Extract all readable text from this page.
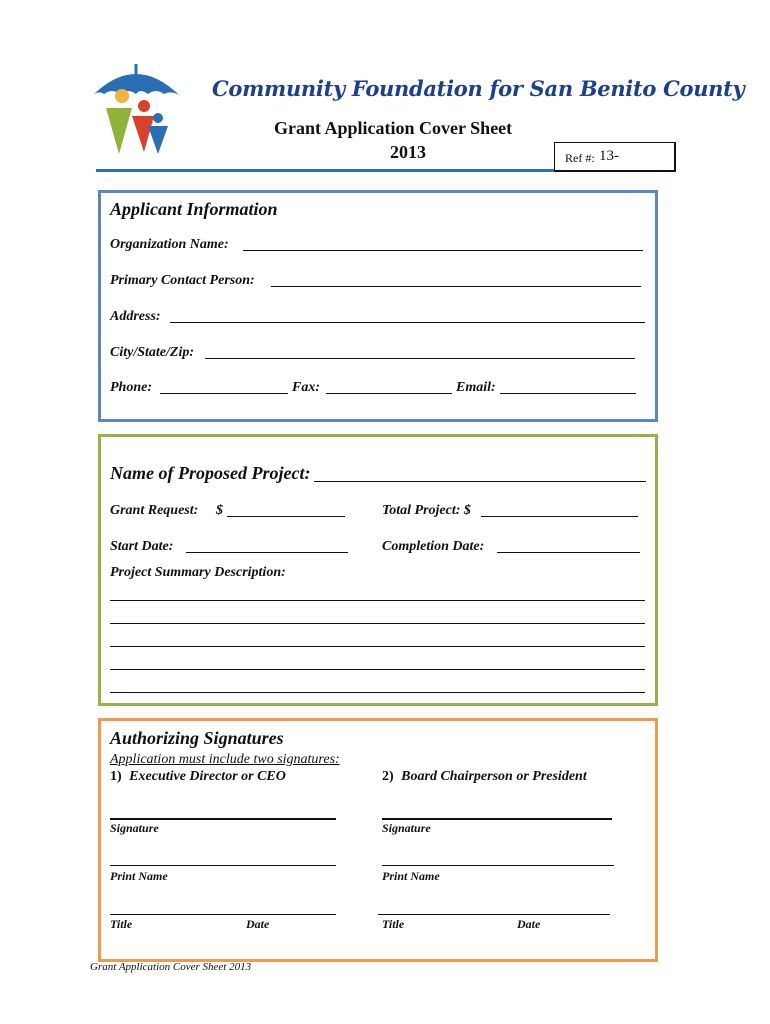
Community Foundation for San Benito County
Grant Application Cover Sheet
2013	Ref #: 13-
Applicant Information
Organization Name:
Primary Contact Person:
Address:
City/State/Zip:
Phone:	Fax:	Email:
Name of Proposed Project:
Grant Request: $	Total Project: $
Start Date:	Completion Date:
Project Summary Description:
Authorizing Signatures
Application must include two signatures:
1) Executive Director or CEO	2) Board Chairperson or President
Signature	Signature
Print Name	Print Name
Title	Date	Title	Date
Grant Application Cover Sheet 2013
